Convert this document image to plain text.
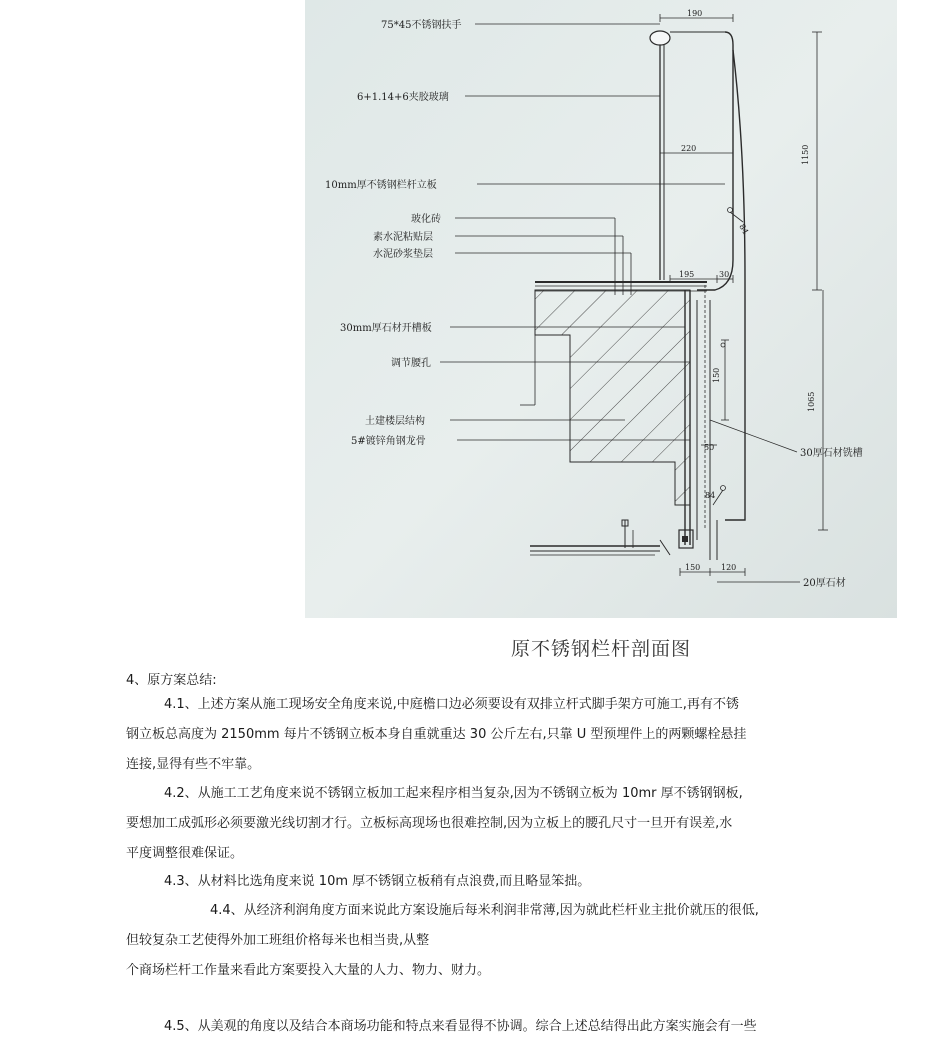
75*45不锈钢扶手
6+1.14+6夹胶玻璃
10mm厚不锈钢栏杆立板
玻化砖
素水泥粘贴层
水泥砂浆垫层
30mm厚石材开槽板
调节腰孔
土建楼层结构
5#镀锌角钢龙骨
30厚石材铣槽
20厚石材
190
220	1150
195	30
150
1065
50
150	120
84
84
原不锈钢栏杆剖面图
4、原方案总结:

4.1、上述方案从施工现场安全角度来说,中庭檐口边必须要设有双排立杆式脚手架方可施工,再有不锈
钢立板总高度为 2150mm 每片不锈钢立板本身自重就重达 30 公斤左右,只靠 U 型预埋件上的两颗螺栓悬挂
连接,显得有些不牢靠。

4.2、从施工工艺角度来说不锈钢立板加工起来程序相当复杂,因为不锈钢立板为 10mr 厚不锈钢钢板,
要想加工成弧形必须要激光线切割才行。立板标高现场也很难控制,因为立板上的腰孔尺寸一旦开有误差,水
平度调整很难保证。

4.3、从材料比选角度来说 10m 厚不锈钢立板稍有点浪费,而且略显笨拙。

4.4、从经济利润角度方面来说此方案设施后每米利润非常薄,因为就此栏杆业主批价就压的很低,
但较复杂工艺使得外加工班组价格每米也相当贵,从整
个商场栏杆工作量来看此方案要投入大量的人力、物力、财力。

4.5、从美观的角度以及结合本商场功能和特点来看显得不协调。综合上述总结得出此方案实施会有一些
